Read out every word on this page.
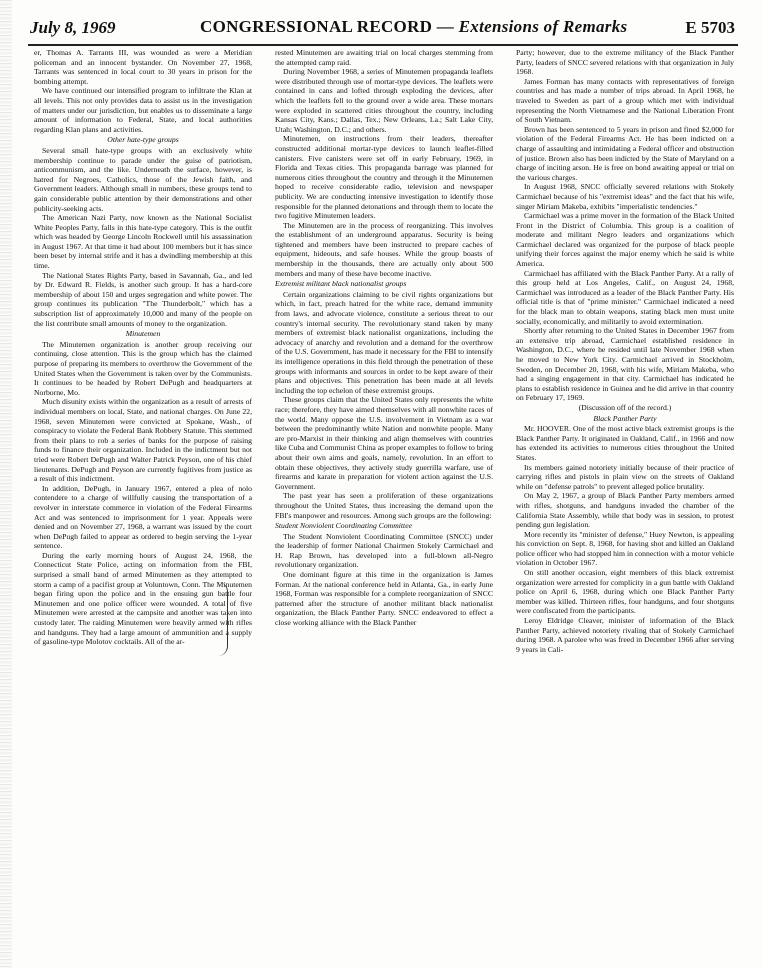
July 8, 1969	CONGRESSIONAL RECORD — Extensions of Remarks	E 5703

er, Thomas A. Tarrants III, was wounded as were a Meridian policeman and an innocent bystander. On November 27, 1968, Tarrants was sentenced in local court to 30 years in prison for the bombing attempt.

We have continued our intensified program to infiltrate the Klan at all levels. This not only provides data to assist us in the investigation of matters under our jurisdiction, but enables us to disseminate a large amount of information to Federal, State, and local authorities regarding Klan plans and activities.

Other hate-type groups

Several small hate-type groups with an exclusively white membership continue to parade under the guise of patriotism, anticommunism, and the like. Underneath the surface, however, is hatred for Negroes, Catholics, those of the Jewish faith, and Government leaders. Although small in numbers, these groups tend to gain considerable public attention by their demonstrations and other publicity-seeking acts.

The American Nazi Party, now known as the National Socialist White Peoples Party, falls in this hate-type category. This is the outfit which was headed by George Lincoln Rockwell until his assassination in August 1967. At that time it had about 100 members but it has since been beset by internal strife and it has a dwindling membership at this time.

The National States Rights Party, based in Savannah, Ga., and led by Dr. Edward R. Fields, is another such group. It has a hard-core membership of about 150 and urges segregation and white power. The group continues its publication "The Thunderbolt," which has a subscription list of approximately 10,000 and many of the people on the list contribute small amounts of money to the organization.

Minutemen

The Minutemen organization is another group receiving our continuing, close attention. This is the group which has the claimed purpose of preparing its members to overthrow the Government of the United States when the Government is taken over by the Communists. It continues to be headed by Robert DePugh and headquarters at Norborne, Mo.

Much disunity exists within the organization as a result of arrests of individual members on local, State, and national charges. On June 22, 1968, seven Minutemen were convicted at Spokane, Wash., of conspiracy to violate the Federal Bank Robbery Statute. This stemmed from their plans to rob a series of banks for the purpose of raising funds to finance their organization. Included in the indictment but not tried were Robert DePugh and Walter Patrick Peyson, one of his chief lieutenants. DePugh and Peyson are currently fugitives from justice as a result of this indictment.

In addition, DePugh, in January 1967, entered a plea of nolo contendere to a charge of willfully causing the transportation of a revolver in interstate commerce in violation of the Federal Firearms Act and was sentenced to imprisonment for 1 year. Appeals were denied and on November 27, 1968, a warrant was issued by the court when DePugh failed to appear as ordered to begin serving the 1-year sentence.

During the early morning hours of August 24, 1968, the Connecticut State Police, acting on information from the FBI, surprised a small band of armed Minutemen as they attempted to storm a camp of a pacifist group at Voluntown, Conn. The Minutemen began firing upon the police and in the ensuing gun battle four Minutemen and one police officer were wounded. A total of five Minutemen were arrested at the campsite and another was taken into custody later. The raiding Minutemen were heavily armed with rifles and handguns. They had a large amount of ammunition and a supply of gasoline-type Molotov cocktails. All of the ar-

rested Minutemen are awaiting trial on local charges stemming from the attempted camp raid.

During November 1968, a series of Minutemen propaganda leaflets were distributed through use of mortar-type devices. The leaflets were contained in cans and lofted through exploding the devices, after which the leaflets fell to the ground over a wide area. These mortars were exploded in scattered cities throughout the country, including Kansas City, Kans.; Dallas, Tex.; New Orleans, La.; Salt Lake City, Utah; Washington, D.C.; and others.

Minutemen, on instructions from their leaders, thereafter constructed additional mortar-type devices to launch leaflet-filled canisters. Five canisters were set off in early February, 1969, in Florida and Texas cities. This propaganda barrage was planned for numerous cities throughout the country and through it the Minutemen hoped to receive considerable radio, television and newspaper publicity. We are conducting intensive investigation to identify those responsible for the planned detonations and through them to locate the two fugitive Minutemen leaders.

The Minutemen are in the process of reorganizing. This involves the establishment of an underground apparatus. Security is being tightened and members have been instructed to prepare caches of equipment, hideouts, and safe houses. While the group boasts of membership in the thousands, there are actually only about 500 members and many of these have become inactive.

Extremist militant black nationalist groups

Certain organizations claiming to be civil rights organizations but which, in fact, preach hatred for the white race, demand immunity from laws, and advocate violence, constitute a serious threat to our country's internal security. The revolutionary stand taken by many members of extremist black nationalist organizations, including the advocacy of anarchy and revolution and a demand for the overthrow of the U.S. Government, has made it necessary for the FBI to intensify its intelligence operations in this field through the penetration of these groups with informants and sources in order to be kept aware of their plans and objectives. This penetration has been made at all levels including the top echelon of these extremist groups.

These groups claim that the United States only represents the white race; therefore, they have aimed themselves with all nonwhite races of the world. Many oppose the U.S. involvement in Vietnam as a war between the predominantly white Nation and nonwhite people. Many are pro-Marxist in their thinking and align themselves with countries like Cuba and Communist China as proper examples to follow to bring about their own aims and goals, namely, revolution. In an effort to obtain these objectives, they actively study guerrilla warfare, use of firearms and karate in preparation for violent action against the U.S. Government.

The past year has seen a proliferation of these organizations throughout the United States, thus increasing the demand upon the FBI's manpower and resources. Among such groups are the following:

Student Nonviolent Coordinating Committee

The Student Nonviolent Coordinating Committee (SNCC) under the leadership of former National Chairmen Stokely Carmichael and H. Rap Brown, has developed into a full-blown all-Negro revolutionary organization.

One dominant figure at this time in the organization is James Forman. At the national conference held in Atlanta, Ga., in early June 1968, Forman was responsible for a complete reorganization of SNCC patterned after the structure of another militant black nationalist organization, the Black Panther Party. SNCC endeavored to effect a close working alliance with the Black Panther

Party; however, due to the extreme militancy of the Black Panther Party, leaders of SNCC severed relations with that organization in July 1968.

James Forman has many contacts with representatives of foreign countries and has made a number of trips abroad. In April 1968, he traveled to Sweden as part of a group which met with individual representing the North Vietnamese and the National Liberation Front of South Vietnam.

Brown has been sentenced to 5 years in prison and fined $2,000 for violation of the Federal Firearms Act. He has been indicted on a charge of assaulting and intimidating a Federal officer and obstruction of justice. Brown also has been indicted by the State of Maryland on a charge of inciting arson. He is free on bond awaiting appeal or trial on the various charges.

In August 1968, SNCC officially severed relations with Stokely Carmichael because of his "extremist ideas" and the fact that his wife, singer Miriam Makeba, exhibits "imperialistic tendencies."

Carmichael was a prime mover in the formation of the Black United Front in the District of Columbia. This group is a coalition of moderate and militant Negro leaders and organizations which Carmichael declared was organized for the purpose of black people unifying their forces against the major enemy which he said is white America.

Carmichael has affiliated with the Black Panther Party. At a rally of this group held at Los Angeles, Calif., on August 24, 1968, Carmichael was introduced as a leader of the Black Panther Party. His official title is that of "prime minister." Carmichael indicated a need for the black man to obtain weapons, stating black men must unite socially, economically, and militarily to avoid extermination.

Shortly after returning to the United States in December 1967 from an extensive trip abroad, Carmichael established residence in Washington, D.C., where he resided until late November 1968 when he moved to New York City. Carmichael arrived in Stockholm, Sweden, on December 20, 1968, with his wife, Miriam Makeba, who had a singing engagement in that city. Carmichael has indicated he plans to establish residence in Guinea and he did arrive in that country on February 17, 1969.

(Discussion off of the record.)

Black Panther Party

Mr. HOOVER. One of the most active black extremist groups is the Black Panther Party. It originated in Oakland, Calif., in 1966 and now has extended its activities to numerous cities throughout the United States.

Its members gained notoriety initially because of their practice of carrying rifles and pistols in plain view on the streets of Oakland while on "defense patrols" to prevent alleged police brutality.

On May 2, 1967, a group of Black Panther Party members armed with rifles, shotguns, and handguns invaded the chamber of the California State Assembly, while that body was in session, to protest pending gun legislation.

More recently its "minister of defense," Huey Newton, is appealing his conviction on Sept. 8, 1968, for having shot and killed an Oakland police officer who had stopped him in connection with a motor vehicle violation in October 1967.

On still another occasion, eight members of this black extremist organization were arrested for complicity in a gun battle with Oakland police on April 6, 1968, during which one Black Panther Party member was killed. Thirteen rifles, four handguns, and four shotguns were confiscated from the participants.

Leroy Eldridge Cleaver, minister of information of the Black Panther Party, achieved notoriety rivaling that of Stokely Carmichael during 1968. A parolee who was freed in December 1966 after serving 9 years in Cali-
